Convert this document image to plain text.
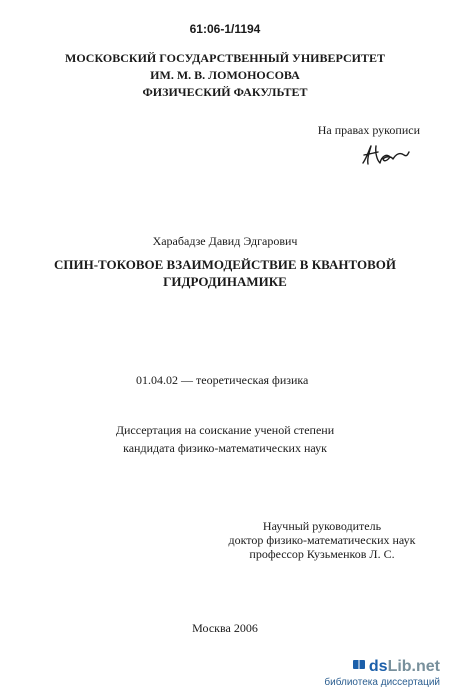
61:06-1/1194
МОСКОВСКИЙ ГОСУДАРСТВЕННЫЙ УНИВЕРСИТЕТ
ИМ. М. В. ЛОМОНОСОВА
ФИЗИЧЕСКИЙ ФАКУЛЬТЕТ
На правах рукописи
Харабадзе Давид Эдгарович
СПИН-ТОКОВОЕ ВЗАИМОДЕЙСТВИЕ В КВАНТОВОЙ
ГИДРОДИНАМИКЕ
01.04.02 — теоретическая физика
Диссертация на соискание ученой степени
кандидата физико-математических наук
Научный руководитель
доктор физико-математических наук
профессор Кузьменков Л. С.
Москва 2006
ds Lib.net
библиотека диссертаций
